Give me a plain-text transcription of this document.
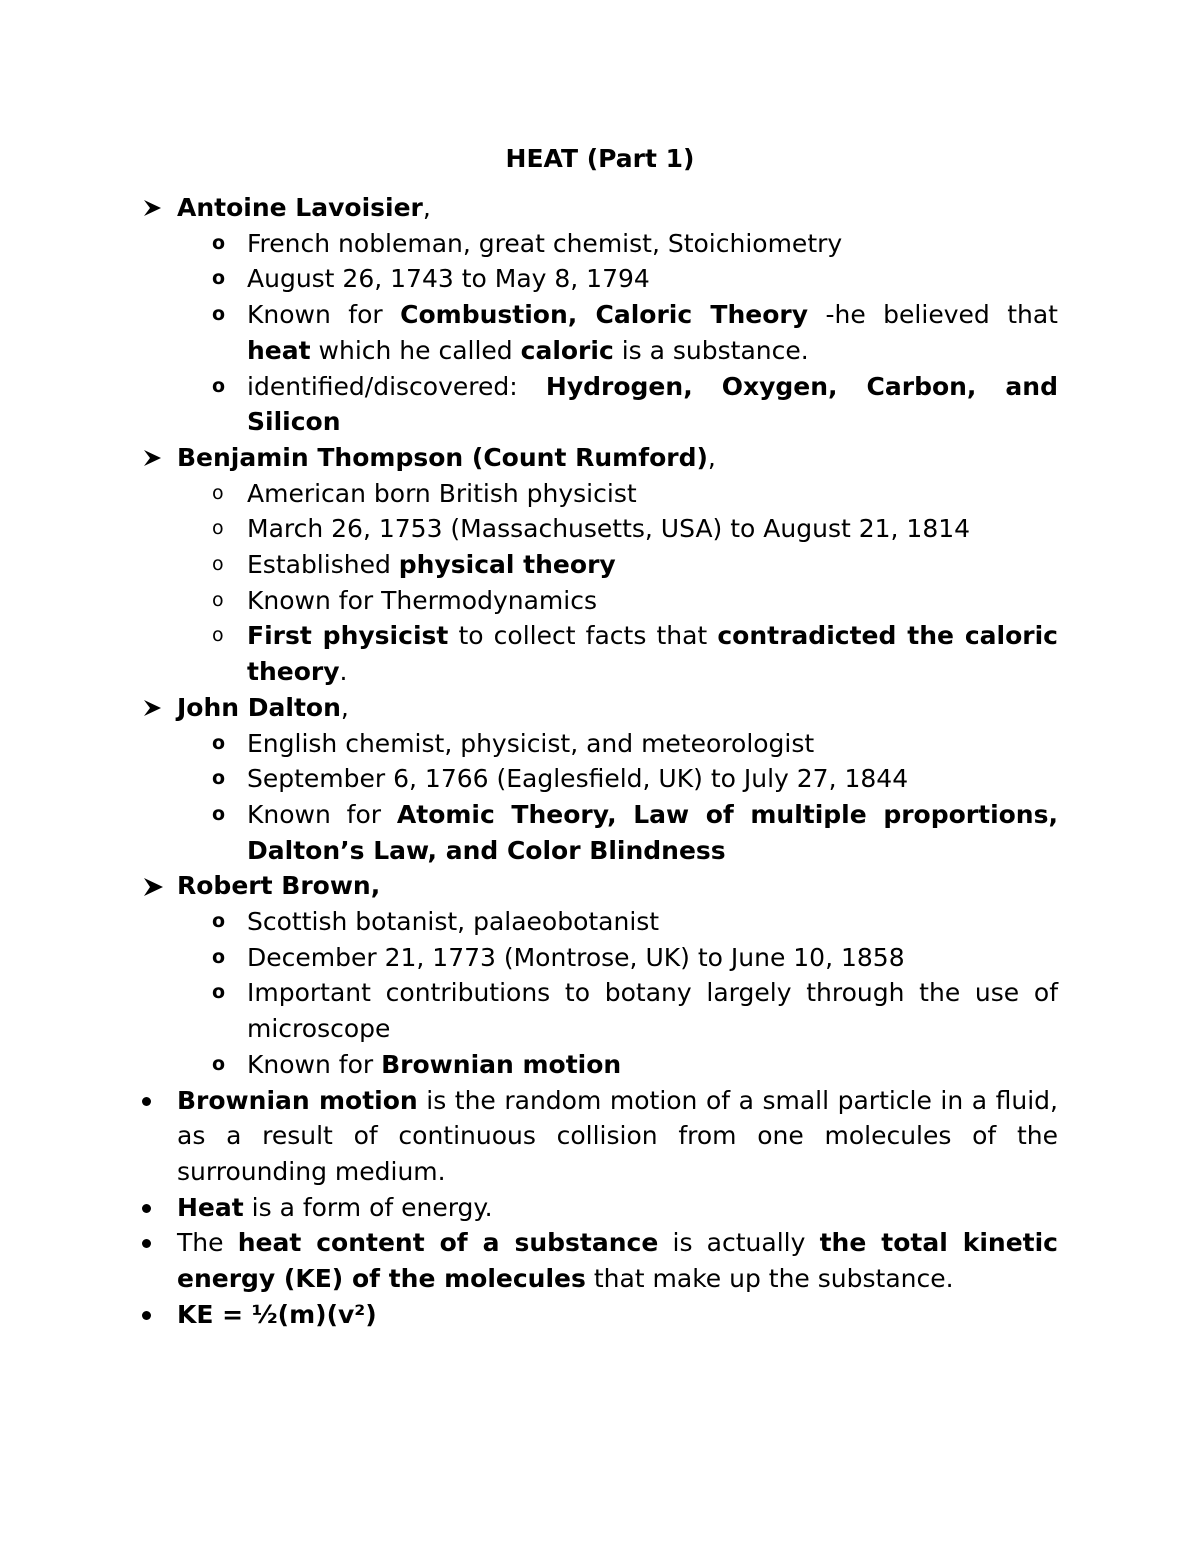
HEAT (Part 1)
Antoine Lavoisier,
o French nobleman, great chemist, Stoichiometry
o August 26, 1743 to May 8, 1794
o Known for Combustion, Caloric Theory -he believed that heat which he called caloric is a substance.
o identified/discovered: Hydrogen, Oxygen, Carbon, and Silicon
Benjamin Thompson (Count Rumford),
o American born British physicist
o March 26, 1753 (Massachusetts, USA) to August 21, 1814
o Established physical theory
o Known for Thermodynamics
o First physicist to collect facts that contradicted the caloric theory.
John Dalton,
o English chemist, physicist, and meteorologist
o September 6, 1766 (Eaglesfield, UK) to July 27, 1844
o Known for Atomic Theory, Law of multiple proportions, Dalton’s Law, and Color Blindness
Robert Brown,
o Scottish botanist, palaeobotanist
o December 21, 1773 (Montrose, UK) to June 10, 1858
o Important contributions to botany largely through the use of microscope
o Known for Brownian motion
Brownian motion is the random motion of a small particle in a fluid, as a result of continuous collision from one molecules of the surrounding medium.
Heat is a form of energy.
The heat content of a substance is actually the total kinetic energy (KE) of the molecules that make up the substance.
KE = ½(m)(v²)
